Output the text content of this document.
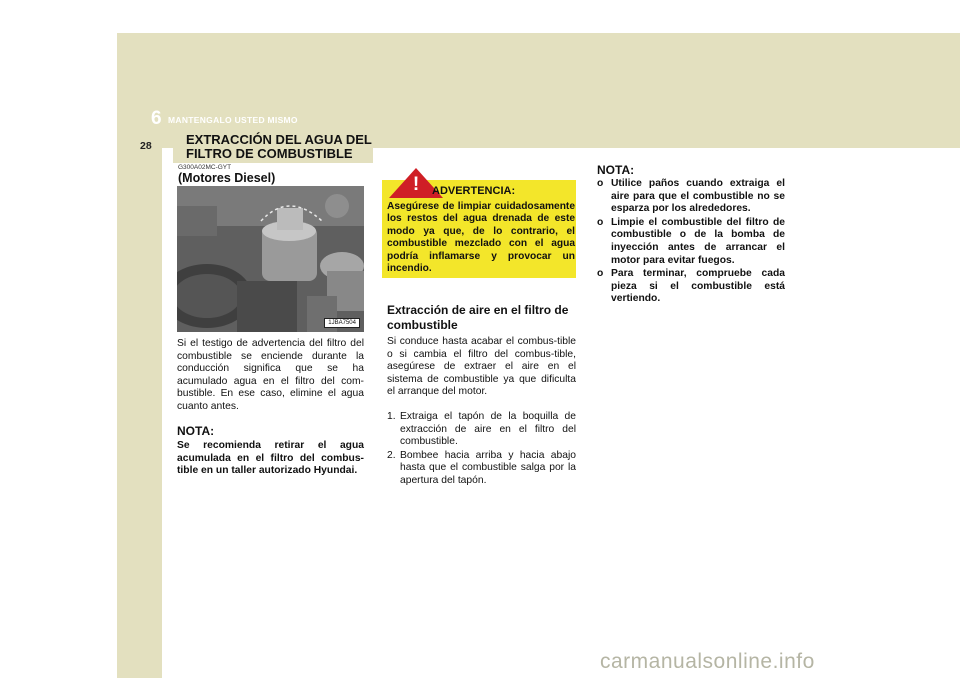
6 MANTENGALO USTED MISMO
28	EXTRACCIÓN DEL AGUA DEL FILTRO DE COMBUSTIBLE
G300A02MC-GYT
(Motores Diesel)
1JBA7504
Si el testigo de advertencia del filtro del combustible se enciende durante la conducción significa que se ha acumulado agua en el filtro del com-bustible. En ese caso, elimine el agua cuanto antes.
NOTA:
Se recomienda retirar el agua acumulada en el filtro del combus-tible en un taller autorizado Hyundai.
!	ADVERTENCIA:
Asegúrese de limpiar cuidadosamente los restos del agua drenada de este modo ya que, de lo contrario, el combustible mezclado con el agua podría inflamarse y provocar un incendio.
Extracción de aire en el filtro de combustible
Si conduce hasta acabar el combus-tible o si cambia el filtro del combus-tible, asegúrese de extraer el aire en el sistema de combustible ya que dificulta el arranque del motor.
1. Extraiga el tapón de la boquilla de extracción de aire en el filtro del combustible.
2. Bombee hacia arriba y hacia abajo hasta que el combustible salga por la apertura del tapón.
NOTA:
o Utilice paños cuando extraiga el aire para que el combustible no se esparza por los alrededores.
o Limpie el combustible del filtro de combustible o de la bomba de inyección antes de arrancar el motor para evitar fuegos.
o Para terminar, compruebe cada pieza si el combustible está vertiendo.
carmanualsonline.info
